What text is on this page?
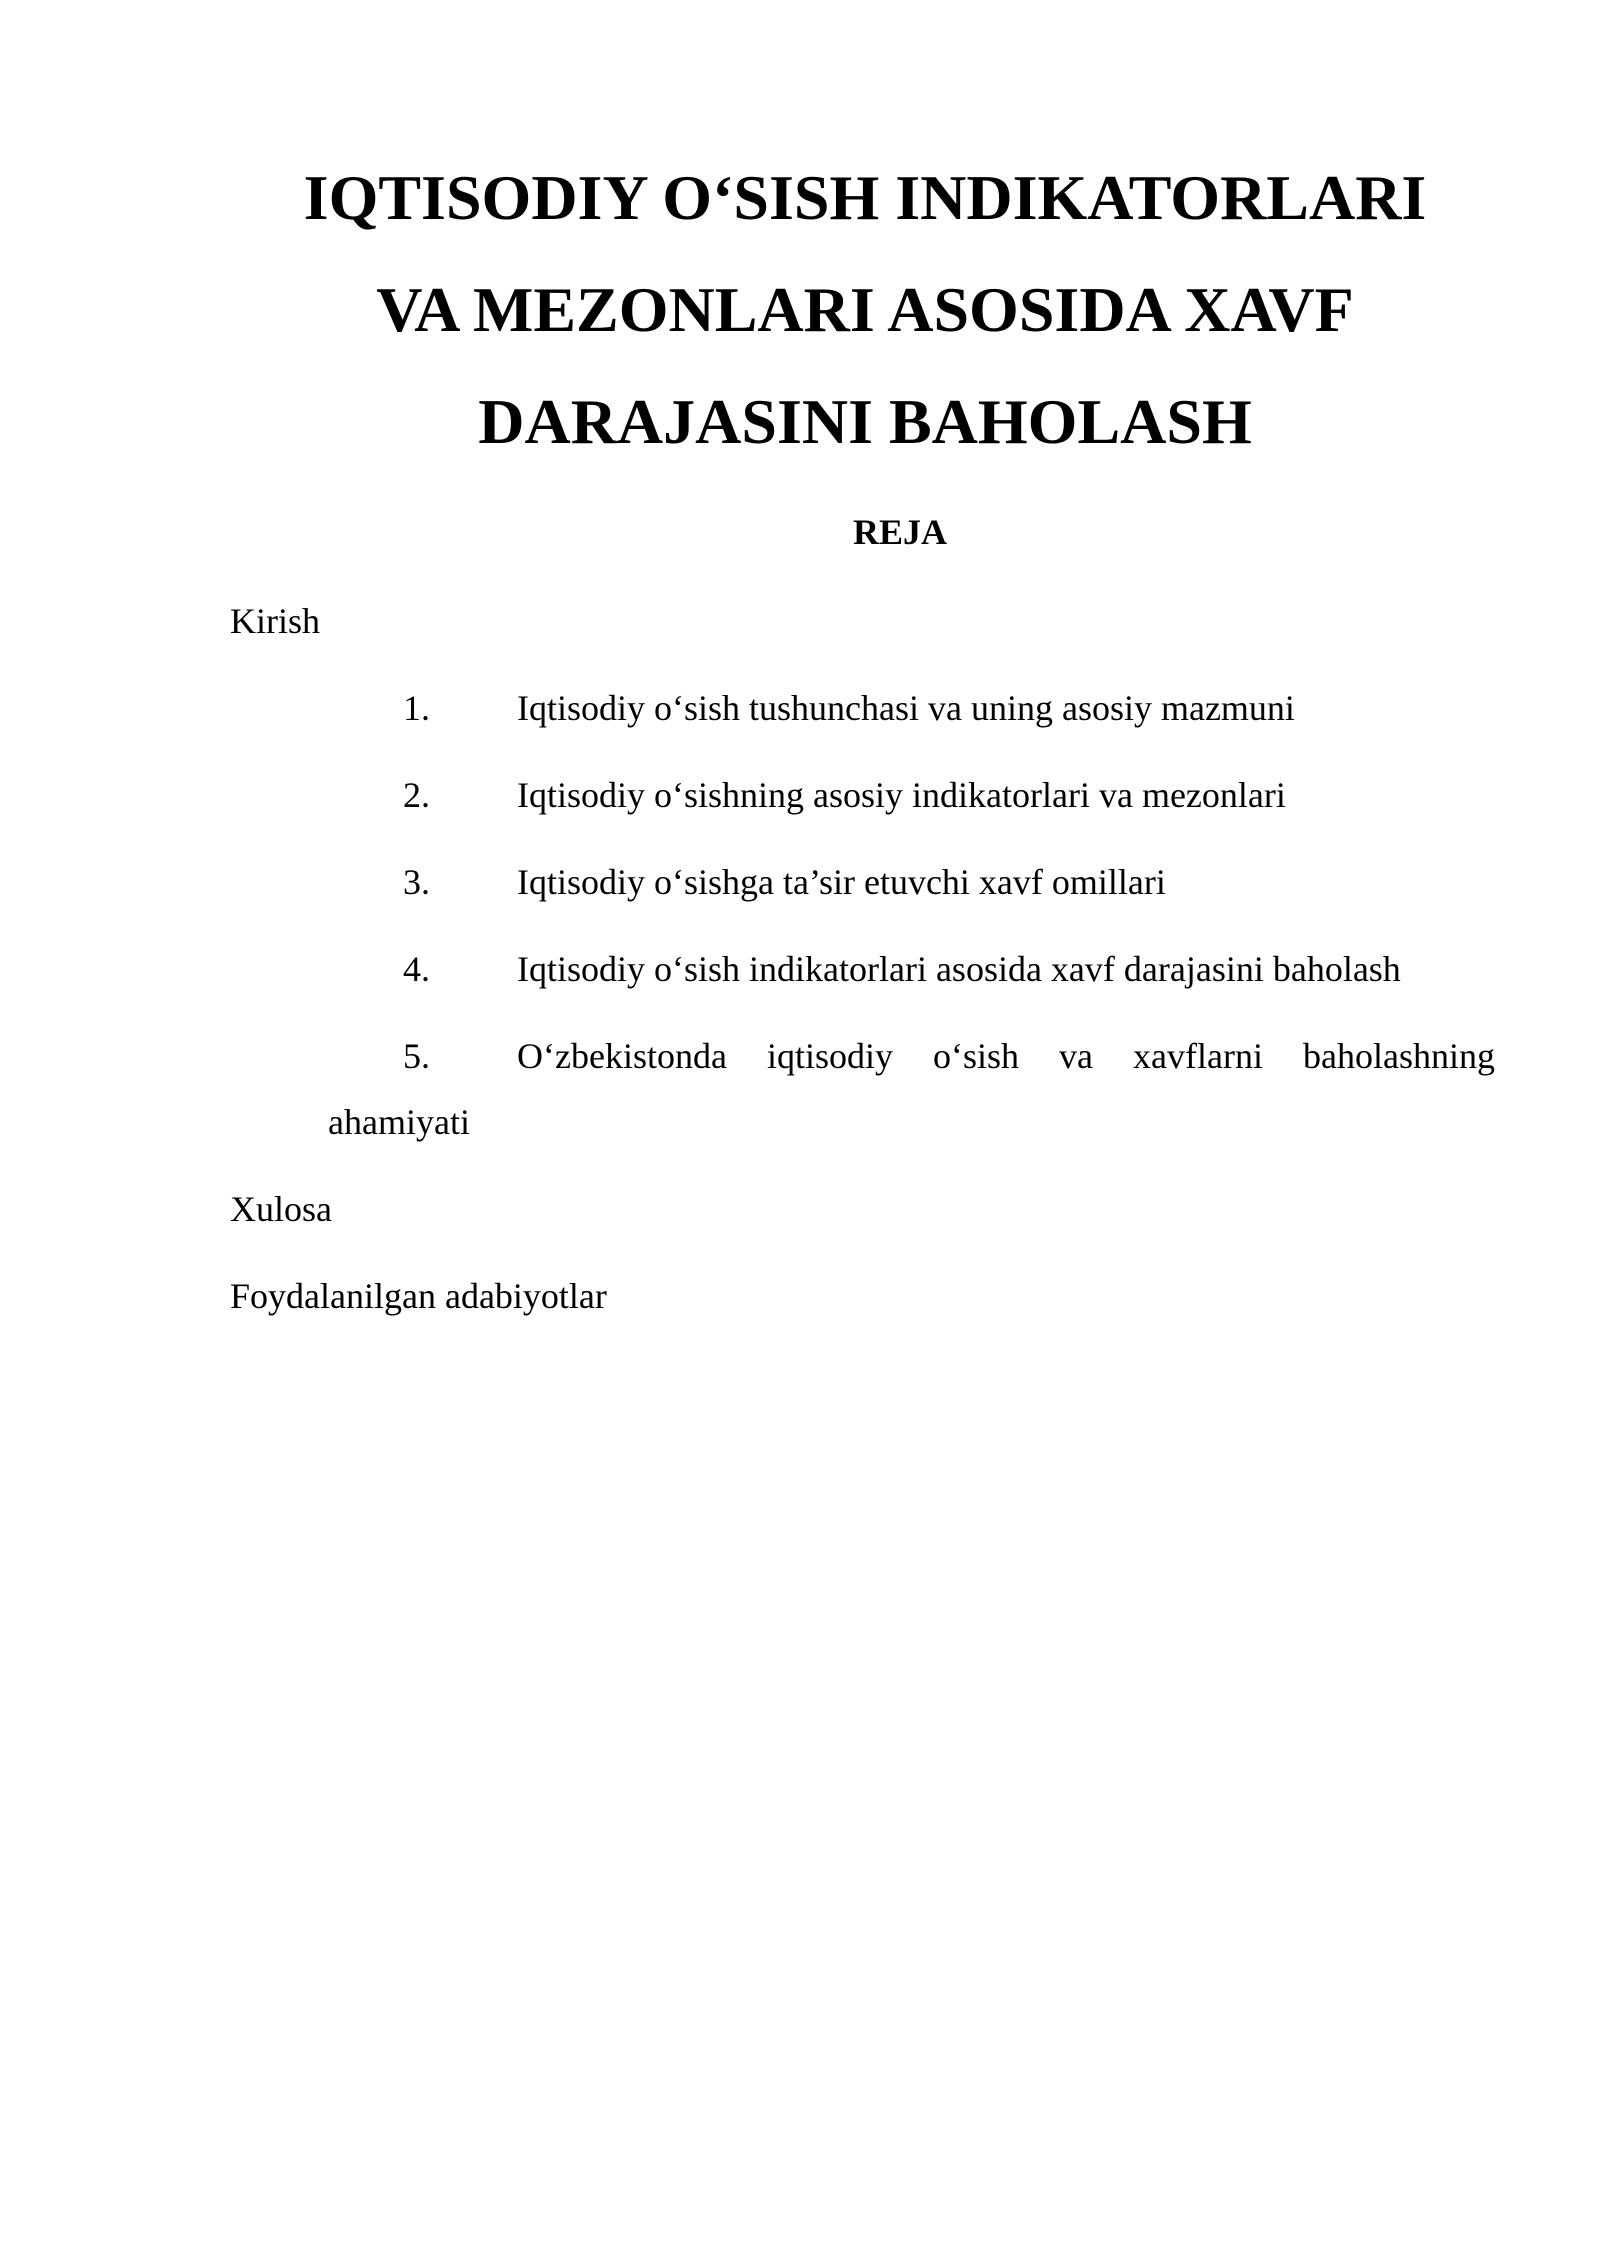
IQTISODIY O‘SISH INDIKATORLARI
VA MEZONLARI ASOSIDA XAVF
DARAJASINI BAHOLASH
REJA
Kirish
1. Iqtisodiy o‘sish tushunchasi va uning asosiy mazmuni
2. Iqtisodiy o‘sishning asosiy indikatorlari va mezonlari
3. Iqtisodiy o‘sishga ta’sir etuvchi xavf omillari
4. Iqtisodiy o‘sish indikatorlari asosida xavf darajasini baholash
5. O‘zbekistonda iqtisodiy o‘sish va xavflarni baholashning
ahamiyati
Xulosa
Foydalanilgan adabiyotlar
